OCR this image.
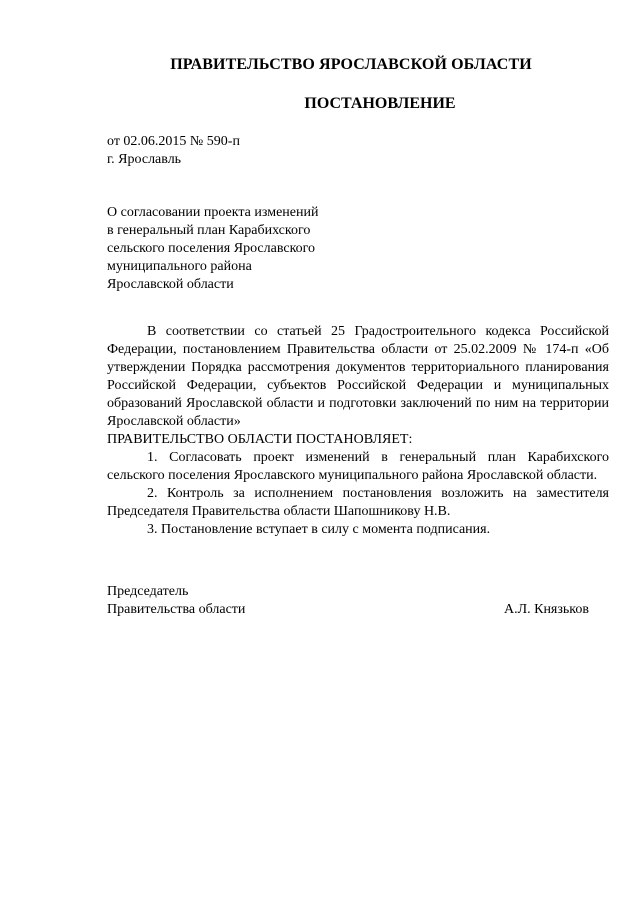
ПРАВИТЕЛЬСТВО ЯРОСЛАВСКОЙ ОБЛАСТИ
ПОСТАНОВЛЕНИЕ
от 02.06.2015 № 590-п
г. Ярославль
О согласовании проекта изменений
в генеральный план Карабихского
сельского поселения Ярославского
муниципального района
Ярославской области

В соответствии со статьей 25 Градостроительного кодекса Российской Федерации, постановлением Правительства области от 25.02.2009 № 174-п «Об утверждении Порядка рассмотрения документов территориального планирования Российской Федерации, субъектов Российской Федерации и муниципальных образований Ярославской области и подготовки заключений по ним на территории Ярославской области»

ПРАВИТЕЛЬСТВО ОБЛАСТИ ПОСТАНОВЛЯЕТ:

1. Согласовать проект изменений в генеральный план Карабихского сельского поселения Ярославского муниципального района Ярославской области.

2. Контроль за исполнением постановления возложить на заместителя Председателя Правительства области Шапошникову Н.В.

3. Постановление вступает в силу с момента подписания.

Председатель
Правительства области	А.Л. Князьков
